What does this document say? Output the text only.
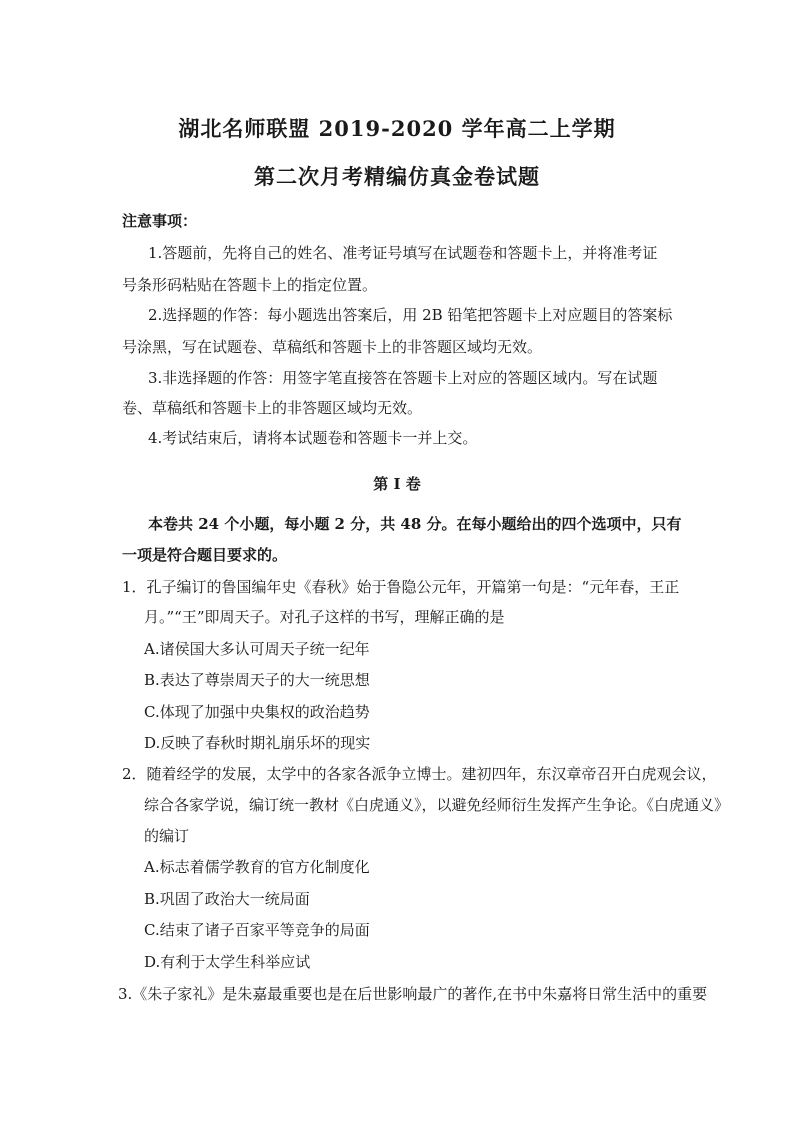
湖北名师联盟 2019-2020 学年高二上学期
第二次月考精编仿真金卷试题
注意事项：
1.答题前，先将自己的姓名、准考证号填写在试题卷和答题卡上，并将准考证
号条形码粘贴在答题卡上的指定位置。
2.选择题的作答：每小题选出答案后，用 2B 铅笔把答题卡上对应题目的答案标
号涂黑，写在试题卷、草稿纸和答题卡上的非答题区域均无效。
3.非选择题的作答：用签字笔直接答在答题卡上对应的答题区域内。写在试题
卷、草稿纸和答题卡上的非答题区域均无效。
4.考试结束后，请将本试题卷和答题卡一并上交。
第 I 卷
本卷共 24 个小题，每小题 2 分，共 48 分。在每小题给出的四个选项中，只有
一项是符合题目要求的。
1．孔子编订的鲁国编年史《春秋》始于鲁隐公元年，开篇第一句是：“元年春，王正
月。”“王”即周天子。对孔子这样的书写，理解正确的是
A.诸侯国大多认可周天子统一纪年
B.表达了尊崇周天子的大一统思想
C.体现了加强中央集权的政治趋势
D.反映了春秋时期礼崩乐坏的现实
2．随着经学的发展，太学中的各家各派争立博士。建初四年，东汉章帝召开白虎观会议，
综合各家学说，编订统一教材《白虎通义》，以避免经师衍生发挥产生争论。《白虎通义》
的编订
A.标志着儒学教育的官方化制度化
B.巩固了政治大一统局面
C.结束了诸子百家平等竞争的局面
D.有利于太学生科举应试
3.《朱子家礼》是朱嘉最重要也是在后世影响最广的著作,在书中朱嘉将日常生活中的重要
